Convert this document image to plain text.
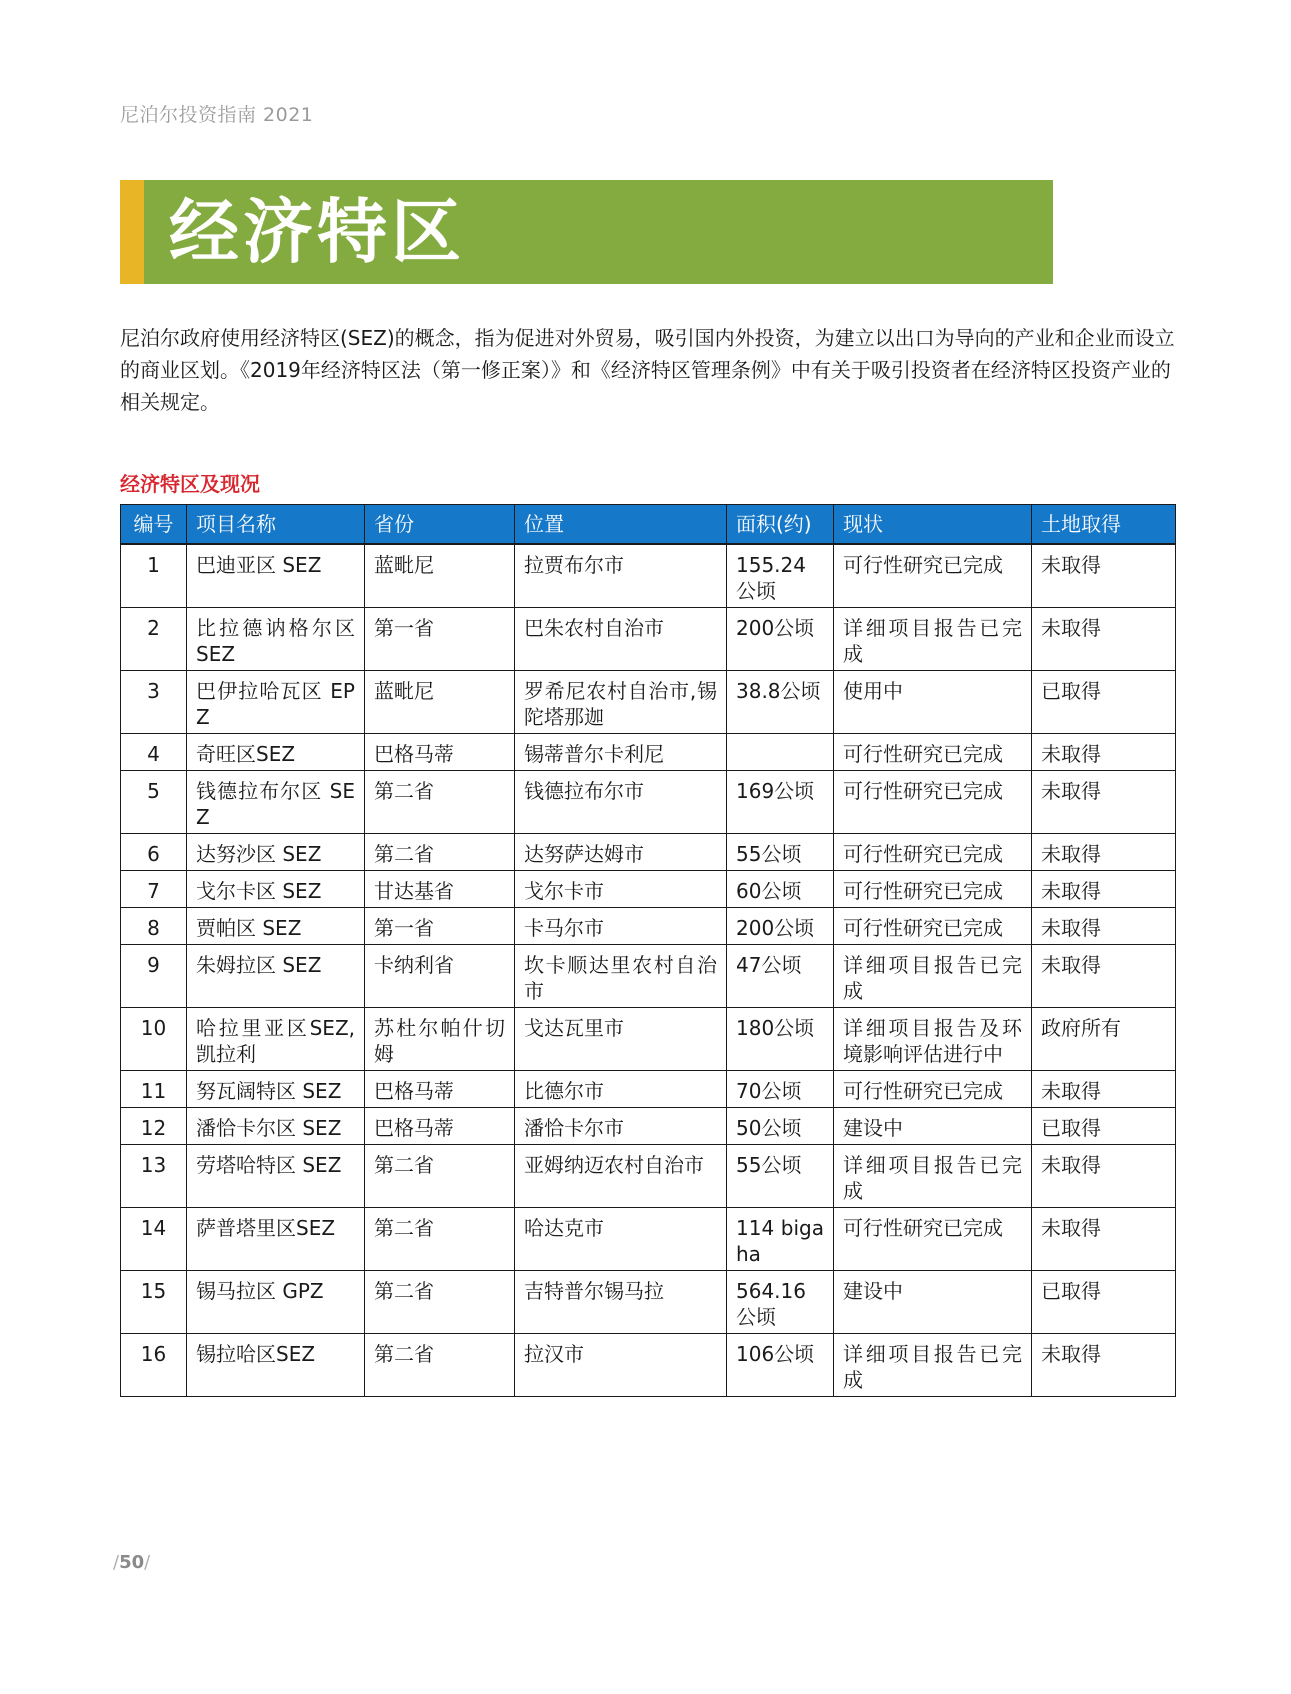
尼泊尔投资指南 2021
经济特区

尼泊尔政府使用经济特区(SEZ)的概念，指为促进对外贸易，吸引国内外投资，为建立以出口为导向的产业和企业而设立的商业区划。《2019年经济特区法（第一修正案）》和《经济特区管理条例》中有关于吸引投资者在经济特区投资产业的相关规定。

经济特区及现况
编号	项目名称	省份	位置	面积(约)	现状	土地取得
1	巴迪亚区 SEZ	蓝毗尼	拉贾布尔市	155.24公顷	可行性研究已完成	未取得
2	比拉德讷格尔区 SEZ	第一省	巴朱农村自治市	200公顷	详细项目报告已完成	未取得
3	巴伊拉哈瓦区 EPZ	蓝毗尼	罗希尼农村自治市,锡陀塔那迦	38.8公顷	使用中	已取得
4	奇旺区SEZ	巴格马蒂	锡蒂普尔卡利尼		可行性研究已完成	未取得
5	钱德拉布尔区 SEZ	第二省	钱德拉布尔市	169公顷	可行性研究已完成	未取得
6	达努沙区 SEZ	第二省	达努萨达姆市	55公顷	可行性研究已完成	未取得
7	戈尔卡区 SEZ	甘达基省	戈尔卡市	60公顷	可行性研究已完成	未取得
8	贾帕区 SEZ	第一省	卡马尔市	200公顷	可行性研究已完成	未取得
9	朱姆拉区 SEZ	卡纳利省	坎卡顺达里农村自治市	47公顷	详细项目报告已完成	未取得
10	哈拉里亚区SEZ,凯拉利	苏杜尔帕什切姆	戈达瓦里市	180公顷	详细项目报告及环境影响评估进行中	政府所有
11	努瓦阔特区 SEZ	巴格马蒂	比德尔市	70公顷	可行性研究已完成	未取得
12	潘恰卡尔区 SEZ	巴格马蒂	潘恰卡尔市	50公顷	建设中	已取得
13	劳塔哈特区 SEZ	第二省	亚姆纳迈农村自治市	55公顷	详细项目报告已完成	未取得
14	萨普塔里区SEZ	第二省	哈达克市	114 bigaha	可行性研究已完成	未取得
15	锡马拉区 GPZ	第二省	吉特普尔锡马拉	564.16公顷	建设中	已取得
16	锡拉哈区SEZ	第二省	拉汉市	106公顷	详细项目报告已完成	未取得
/50/
